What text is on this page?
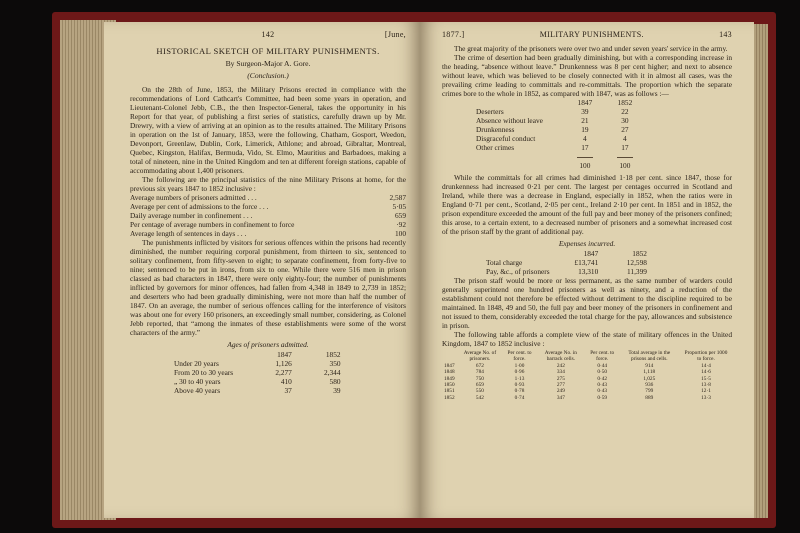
142	[June,
HISTORICAL SKETCH OF MILITARY PUNISHMENTS.
By Surgeon-Major A. Gore.
(Conclusion.)

On the 28th of June, 1853, the Military Prisons erected in compliance with the recommendations of Lord Cathcart's Committee, had been some years in operation, and Lieutenant-Colonel Jebb, C.B., the then Inspector-General, takes the opportunity in his Report for that year, of publishing a first series of statistics, carefully drawn up by Mr. Drewry, with a view of arriving at an opinion as to the results attained. The Military Prisons in operation on the 1st of January, 1853, were the following, Chatham, Gosport, Weedon, Devonport, Greenlaw, Dublin, Cork, Limerick, Athlone; and abroad, Gibraltar, Montreal, Quebec, Kingston, Halifax, Bermuda, Vido, St. Elmo, Mauritius and Barbadoes, making a total of nineteen, nine in the United Kingdom and ten at different foreign stations, capable of accommodating about 1,400 prisoners.

The following are the principal statistics of the nine Military Prisons at home, for the previous six years 1847 to 1852 inclusive :

Average numbers of prisoners admitted . . .	2,587
Average per cent of admissions to the force . . .	5·05
Daily average number in confinement . . .	659
Per centage of average numbers in confinement to force	·92
Average length of sentences in days . . .	100

The punishments inflicted by visitors for serious offences within the prisons had recently diminished, the number requiring corporal punishment, from thirteen to six, sentenced to solitary confinement, from fifty-seven to eight; to separate confinement, from forty-five to nine; sentenced to be put in irons, from six to one. While there were 516 men in prison classed as bad characters in 1847, there were only eighty-four; the number of punishments inflicted by governors for minor offences, had fallen from 4,348 in 1849 to 2,739 in 1852; and deserters who had been gradually diminishing, were not more than half the number of 1847. On an average, the number of serious offences calling for the interference of visitors was about one for every 160 prisoners, an exceedingly small number, considering, as Colonel Jebb reported, that “among the inmates of these establishments were some of the worst characters of the army.”

Ages of prisoners admitted.
	1847	1852
Under 20 years	1,126	350
From 20 to 30 years	2,277	2,344
„ 30 to 40 years	410	580
Above 40 years	37	39
1877.]	MILITARY PUNISHMENTS.	143

The great majority of the prisoners were over two and under seven years' service in the army.

The crime of desertion had been gradually diminishing, but with a corresponding increase in the heading, “absence without leave.” Drunkenness was 8 per cent higher; and next to absence without leave, which was believed to be closely connected with it in almost all cases, was the prevailing crime leading to committals and re-committals. The proportion which the separate crimes bore to the whole in 1852, as compared with 1847, was as follows :—

	1847	1852
Deserters	39	22
Absence without leave	21	30
Drunkenness	19	27
Disgraceful conduct	4	4
Other crimes	17	17

	100	100

While the committals for all crimes had diminished 1·18 per cent. since 1847, those for drunkenness had increased 0·21 per cent. The largest per centages occurred in Scotland and Ireland, while there was a decrease in England, especially in 1852, when the ratios were in England 0·71 per cent., Scotland, 2·05 per cent., Ireland 2·10 per cent. In 1851 and in 1852, the prison expenditure exceeded the amount of the full pay and beer money of the prisoners confined; this arose, to a certain extent, to a decreased number of prisoners and a somewhat increased cost of the prison staff by the grant of additional pay.

Expenses incurred.
	1847	1852
Total charge	£13,741	12,598
Pay, &c., of prisoners	13,310	11,399

The prison staff would be more or less permanent, as the same number of warders could generally superintend one hundred prisoners as well as ninety, and a reduction of the establishment could not therefore be effected without detriment to the discipline required to be maintained. In 1848, 49 and 50, the full pay and beer money of the prisoners in confinement and not issued to them, considerably exceeded the total charge for the pay, allowances and subsistence in prison.

The following table affords a complete view of the state of military offences in the United Kingdom, 1847 to 1852 inclusive :

	Average No. of prisoners.	Per cent. to force.	Average No. in barrack cells.	Per cent. to force.	Total average in the prisons and cells.	Proportion per 1000 to force.
1847	672	1·00	242	0·44	914	14·4
1848	784	0·96	334	0·50	1,118	14·6
1849	750	1·13	275	0·42	1,025	15·5
1850	659	0·93	277	0·43	936	13·8
1851	550	0·78	249	0·43	799	12·1
1852	542	0·74	347	0·59	889	13·3
